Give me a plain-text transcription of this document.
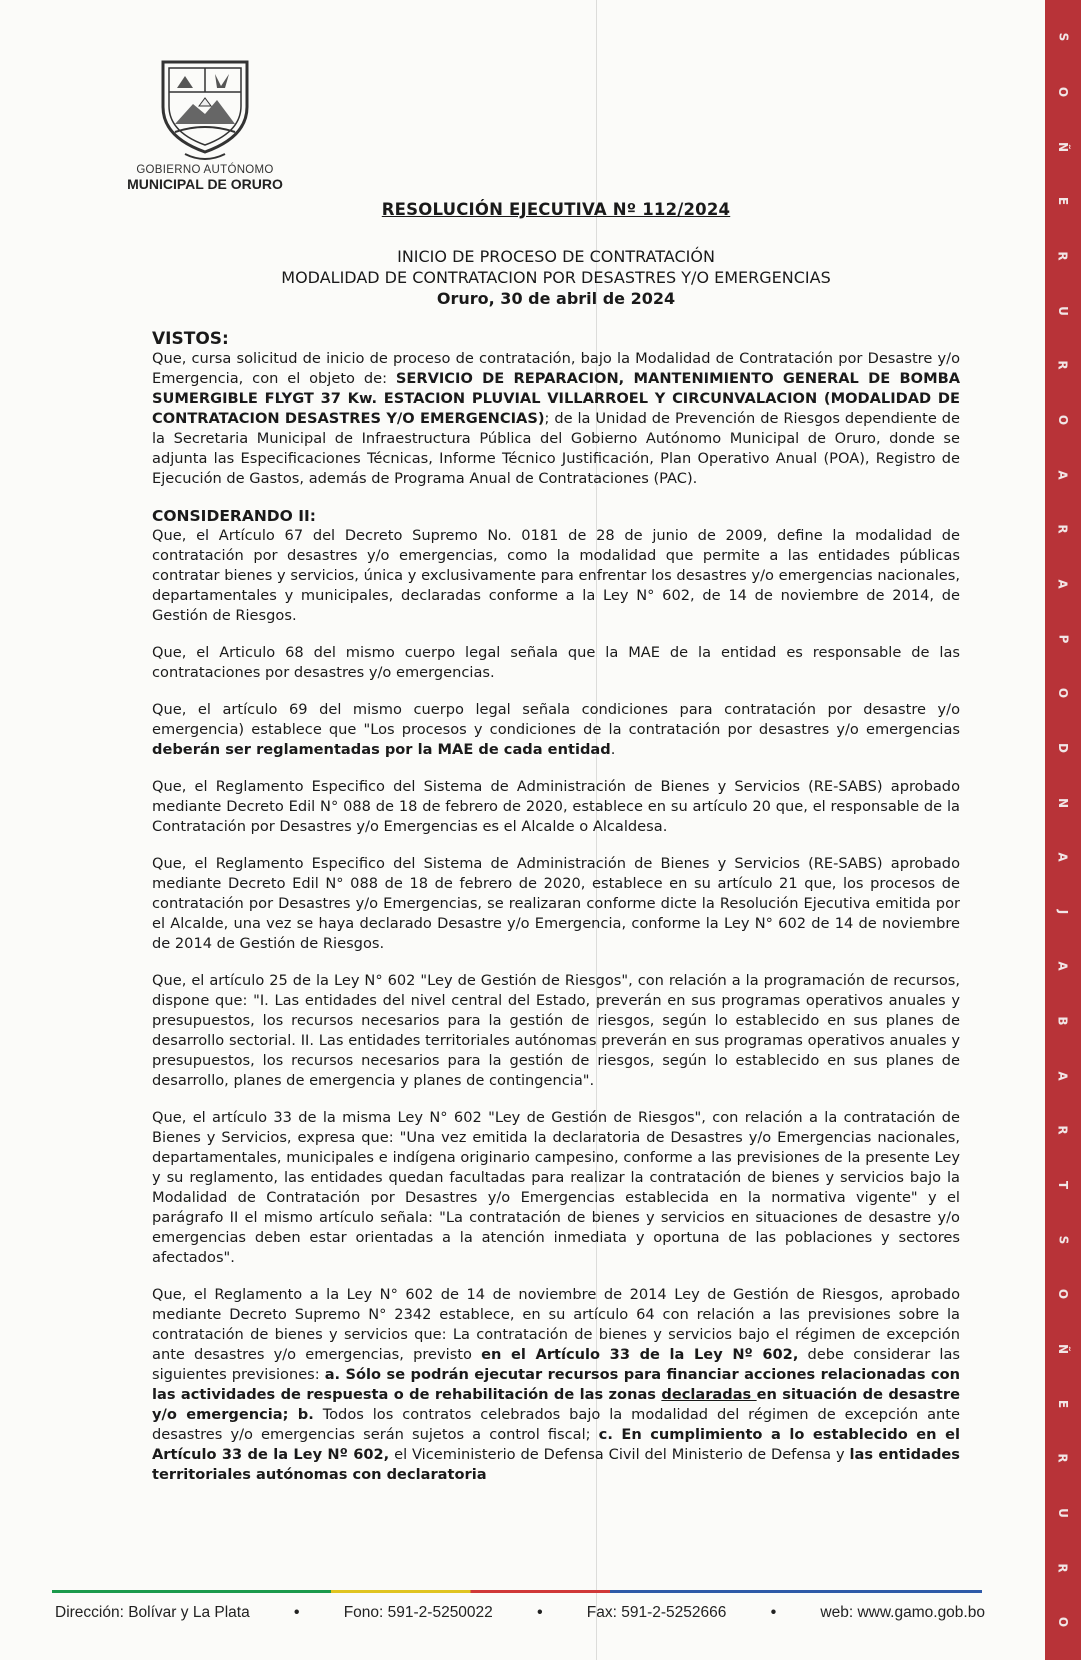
GOBIERNO AUTÓNOMO
MUNICIPAL DE ORURO
S
O
Ñ
E
R
U
R
O
A
R
A
P
O
D
N
A
J
A
B
A
R
T
S
O
Ñ
E
R
U
R
O
RESOLUCIÓN EJECUTIVA Nº 112/2024
INICIO DE PROCESO DE CONTRATACIÓN
MODALIDAD DE CONTRATACION POR DESASTRES Y/O EMERGENCIAS
Oruro, 30 de abril de 2024
VISTOS:

Que, cursa solicitud de inicio de proceso de contratación, bajo la Modalidad de Contratación por Desastre y/o Emergencia, con el objeto de: SERVICIO DE REPARACION, MANTENIMIENTO GENERAL DE BOMBA SUMERGIBLE FLYGT 37 Kw. ESTACION PLUVIAL VILLARROEL Y CIRCUNVALACION (MODALIDAD DE CONTRATACION DESASTRES Y/O EMERGENCIAS); de la Unidad de Prevención de Riesgos dependiente de la Secretaria Municipal de Infraestructura Pública del Gobierno Autónomo Municipal de Oruro, donde se adjunta las Especificaciones Técnicas, Informe Técnico Justificación, Plan Operativo Anual (POA), Registro de Ejecución de Gastos, además de Programa Anual de Contrataciones (PAC).

CONSIDERANDO II:

Que, el Artículo 67 del Decreto Supremo No. 0181 de 28 de junio de 2009, define la modalidad de contratación por desastres y/o emergencias, como la modalidad que permite a las entidades públicas contratar bienes y servicios, única y exclusivamente para enfrentar los desastres y/o emergencias nacionales, departamentales y municipales, declaradas conforme a la Ley N° 602, de 14 de noviembre de 2014, de Gestión de Riesgos.

Que, el Articulo 68 del mismo cuerpo legal señala que la MAE de la entidad es responsable de las contrataciones por desastres y/o emergencias.

Que, el artículo 69 del mismo cuerpo legal señala condiciones para contratación por desastre y/o emergencia) establece que "Los procesos y condiciones de la contratación por desastres y/o emergencias deberán ser reglamentadas por la MAE de cada entidad.

Que, el Reglamento Especifico del Sistema de Administración de Bienes y Servicios (RE-SABS) aprobado mediante Decreto Edil N° 088 de 18 de febrero de 2020, establece en su artículo 20 que, el responsable de la Contratación por Desastres y/o Emergencias es el Alcalde o Alcaldesa.

Que, el Reglamento Especifico del Sistema de Administración de Bienes y Servicios (RE-SABS) aprobado mediante Decreto Edil N° 088 de 18 de febrero de 2020, establece en su artículo 21 que, los procesos de contratación por Desastres y/o Emergencias, se realizaran conforme dicte la Resolución Ejecutiva emitida por el Alcalde, una vez se haya declarado Desastre y/o Emergencia, conforme la Ley N° 602 de 14 de noviembre de 2014 de Gestión de Riesgos.

Que, el artículo 25 de la Ley N° 602 "Ley de Gestión de Riesgos", con relación a la programación de recursos, dispone que: "I. Las entidades del nivel central del Estado, preverán en sus programas operativos anuales y presupuestos, los recursos necesarios para la gestión de riesgos, según lo establecido en sus planes de desarrollo sectorial. II. Las entidades territoriales autónomas preverán en sus programas operativos anuales y presupuestos, los recursos necesarios para la gestión de riesgos, según lo establecido en sus planes de desarrollo, planes de emergencia y planes de contingencia".

Que, el artículo 33 de la misma Ley N° 602 "Ley de Gestión de Riesgos", con relación a la contratación de Bienes y Servicios, expresa que: "Una vez emitida la declaratoria de Desastres y/o Emergencias nacionales, departamentales, municipales e indígena originario campesino, conforme a las previsiones de la presente Ley y su reglamento, las entidades quedan facultadas para realizar la contratación de bienes y servicios bajo la Modalidad de Contratación por Desastres y/o Emergencias establecida en la normativa vigente" y el parágrafo II el mismo artículo señala: "La contratación de bienes y servicios en situaciones de desastre y/o emergencias deben estar orientadas a la atención inmediata y oportuna de las poblaciones y sectores afectados".

Que, el Reglamento a la Ley N° 602 de 14 de noviembre de 2014 Ley de Gestión de Riesgos, aprobado mediante Decreto Supremo N° 2342 establece, en su artículo 64 con relación a las previsiones sobre la contratación de bienes y servicios que: La contratación de bienes y servicios bajo el régimen de excepción ante desastres y/o emergencias, previsto en el Artículo 33 de la Ley Nº 602, debe considerar las siguientes previsiones: a. Sólo se podrán ejecutar recursos para financiar acciones relacionadas con las actividades de respuesta o de rehabilitación de las zonas declaradas en situación de desastre y/o emergencia; b. Todos los contratos celebrados bajo la modalidad del régimen de excepción ante desastres y/o emergencias serán sujetos a control fiscal; c. En cumplimiento a lo establecido en el Artículo 33 de la Ley Nº 602, el Viceministerio de Defensa Civil del Ministerio de Defensa y las entidades territoriales autónomas con declaratoria

Dirección: Bolívar y La Plata	•	Fono: 591-2-5250022	•	Fax: 591-2-5252666	•	web: www.gamo.gob.bo
